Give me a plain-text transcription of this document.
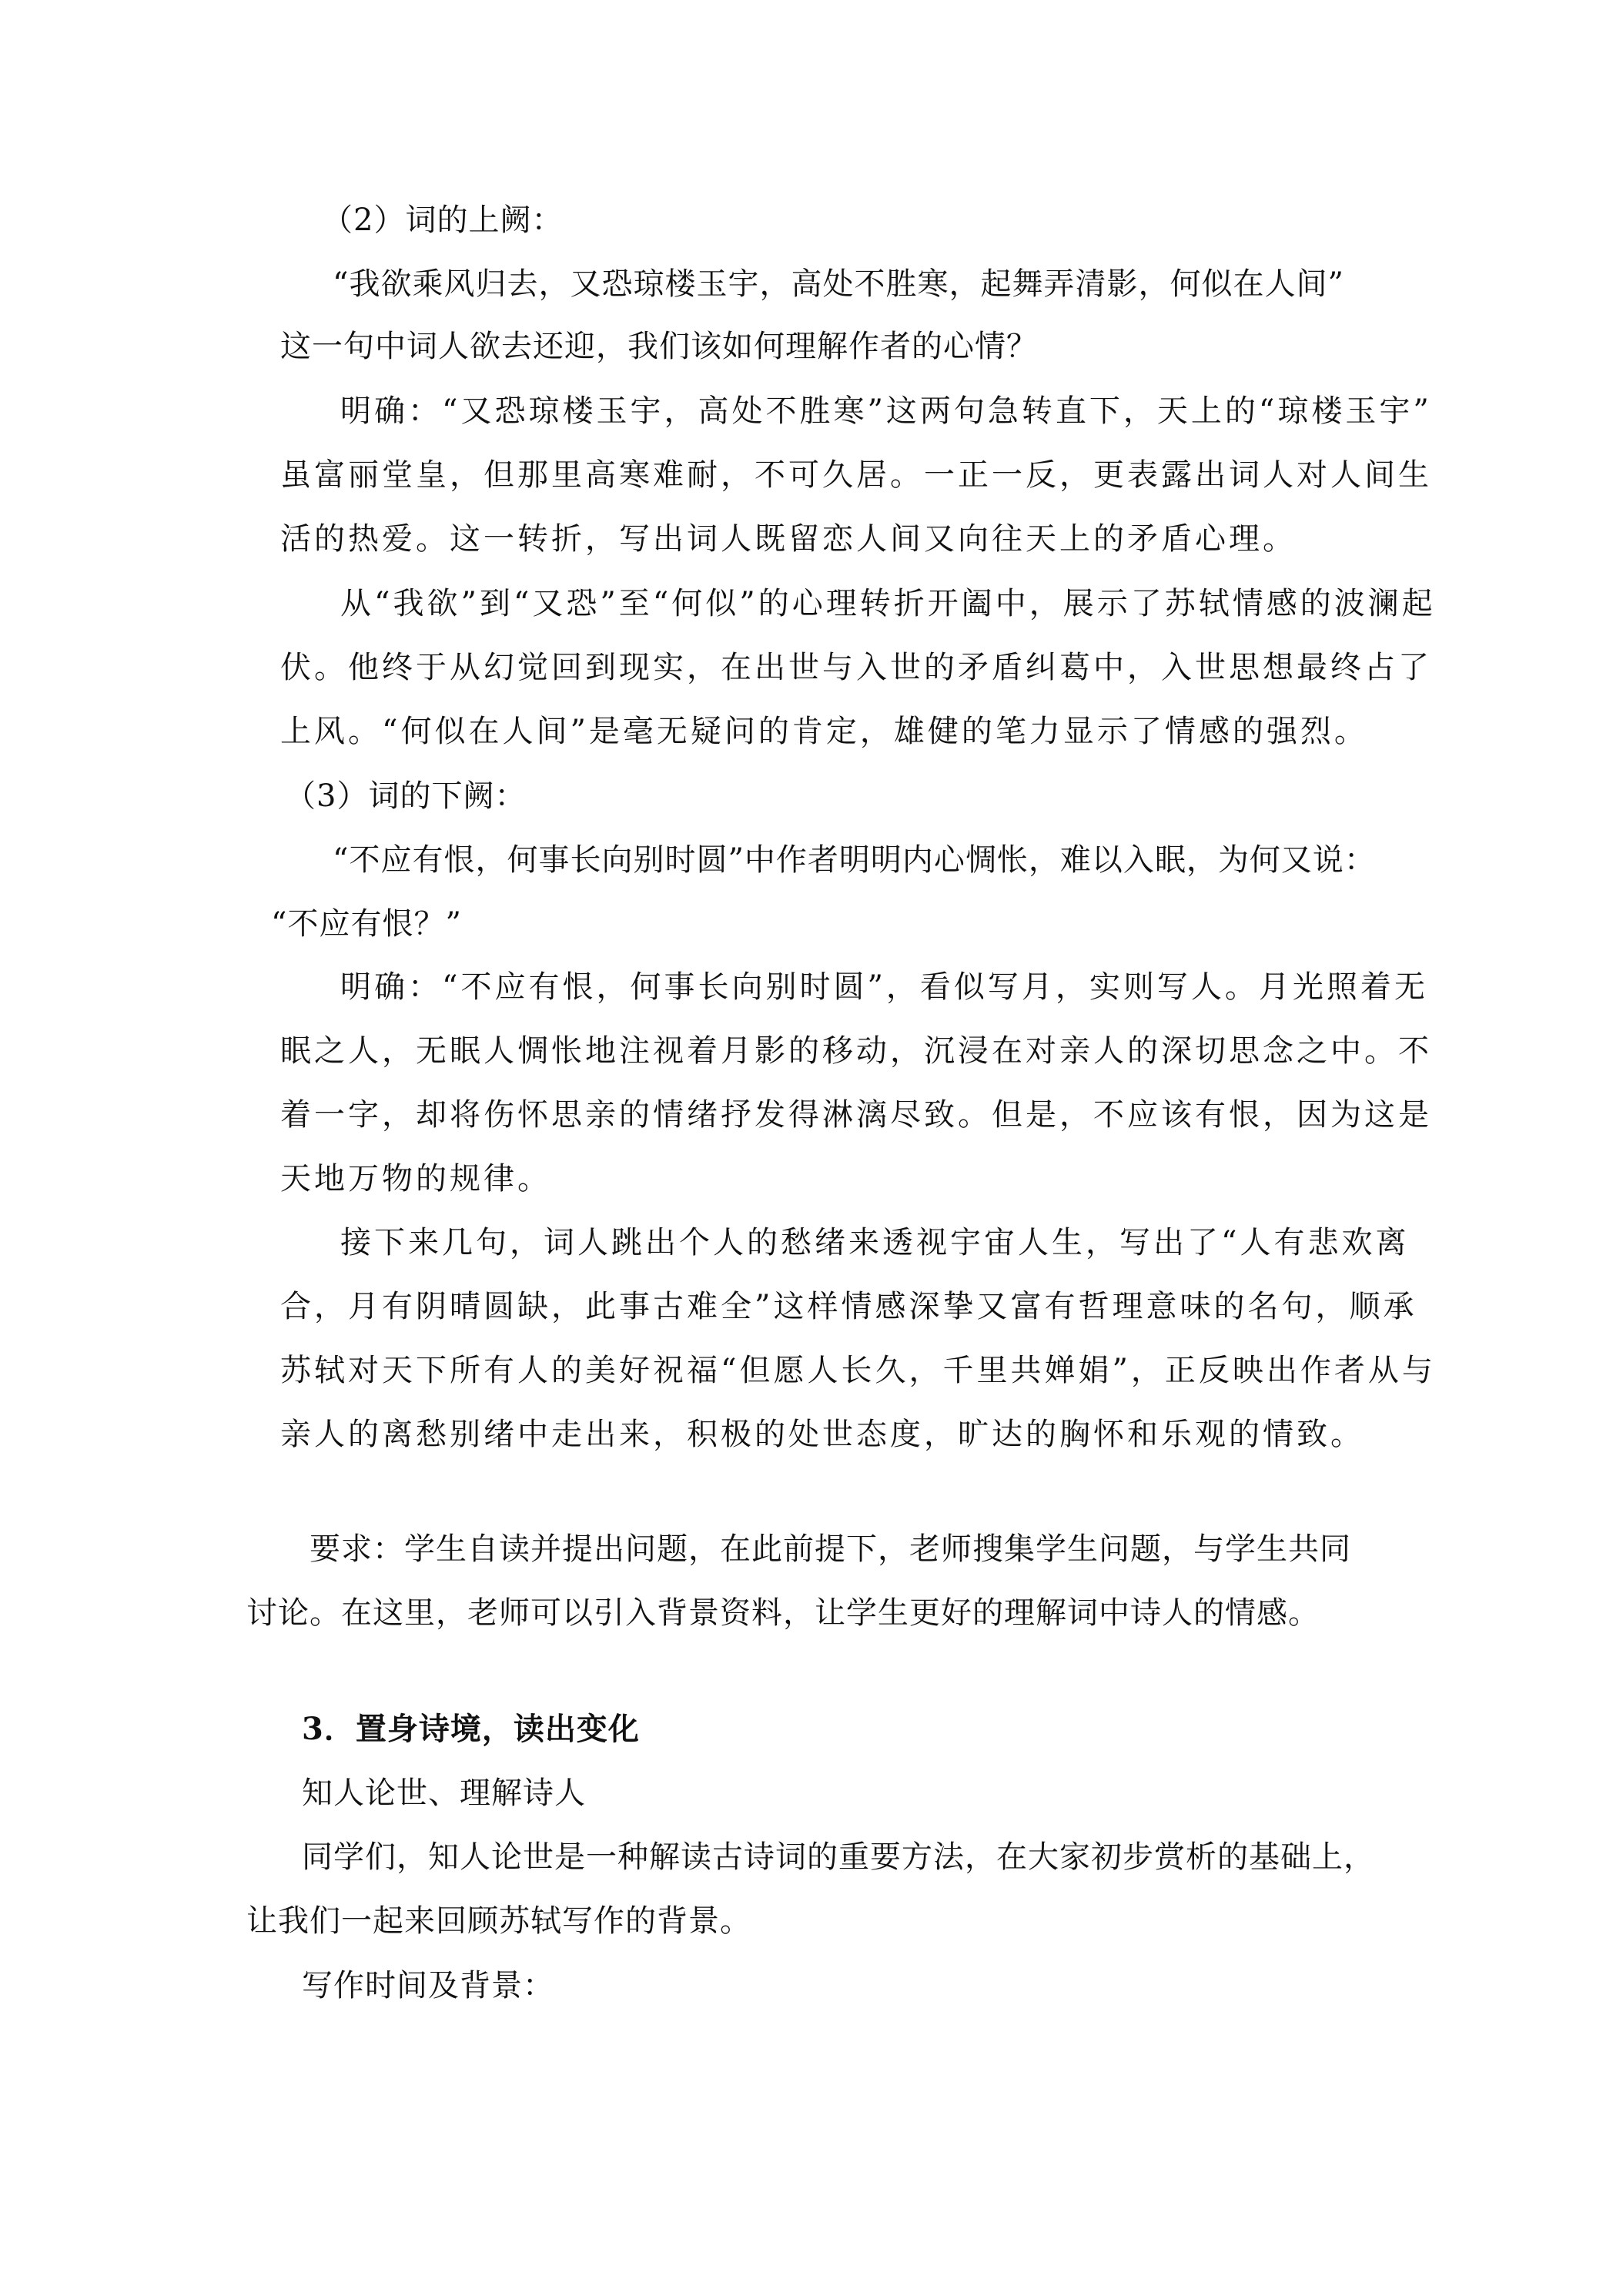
（2）词的上阙：
“我欲乘风归去，又恐琼楼玉宇，高处不胜寒，起舞弄清影，何似在人间”
这一句中词人欲去还迎，我们该如何理解作者的心情？
明确：“又恐琼楼玉宇，高处不胜寒”这两句急转直下，天上的“琼楼玉宇”
虽富丽堂皇，但那里高寒难耐，不可久居。一正一反，更表露出词人对人间生
活的热爱。这一转折，写出词人既留恋人间又向往天上的矛盾心理。
从“我欲”到“又恐”至“何似”的心理转折开阖中，展示了苏轼情感的波澜起
伏。他终于从幻觉回到现实，在出世与入世的矛盾纠葛中，入世思想最终占了
上风。“何似在人间”是毫无疑问的肯定，雄健的笔力显示了情感的强烈。
（3）词的下阙：
“不应有恨，何事长向别时圆”中作者明明内心惆怅，难以入眠，为何又说：
“不应有恨？”
明确：“不应有恨，何事长向别时圆”，看似写月，实则写人。月光照着无
眠之人，无眠人惆怅地注视着月影的移动，沉浸在对亲人的深切思念之中。不
着一字，却将伤怀思亲的情绪抒发得淋漓尽致。但是，不应该有恨，因为这是
天地万物的规律。
接下来几句，词人跳出个人的愁绪来透视宇宙人生，写出了“人有悲欢离
合，月有阴晴圆缺，此事古难全”这样情感深挚又富有哲理意味的名句，顺承
苏轼对天下所有人的美好祝福“但愿人长久，千里共婵娟”，正反映出作者从与
亲人的离愁别绪中走出来，积极的处世态度，旷达的胸怀和乐观的情致。
要求：学生自读并提出问题，在此前提下，老师搜集学生问题，与学生共同
讨论。在这里，老师可以引入背景资料，让学生更好的理解词中诗人的情感。
3．置身诗境，读出变化
知人论世、理解诗人
同学们，知人论世是一种解读古诗词的重要方法，在大家初步赏析的基础上，
让我们一起来回顾苏轼写作的背景。
写作时间及背景：
